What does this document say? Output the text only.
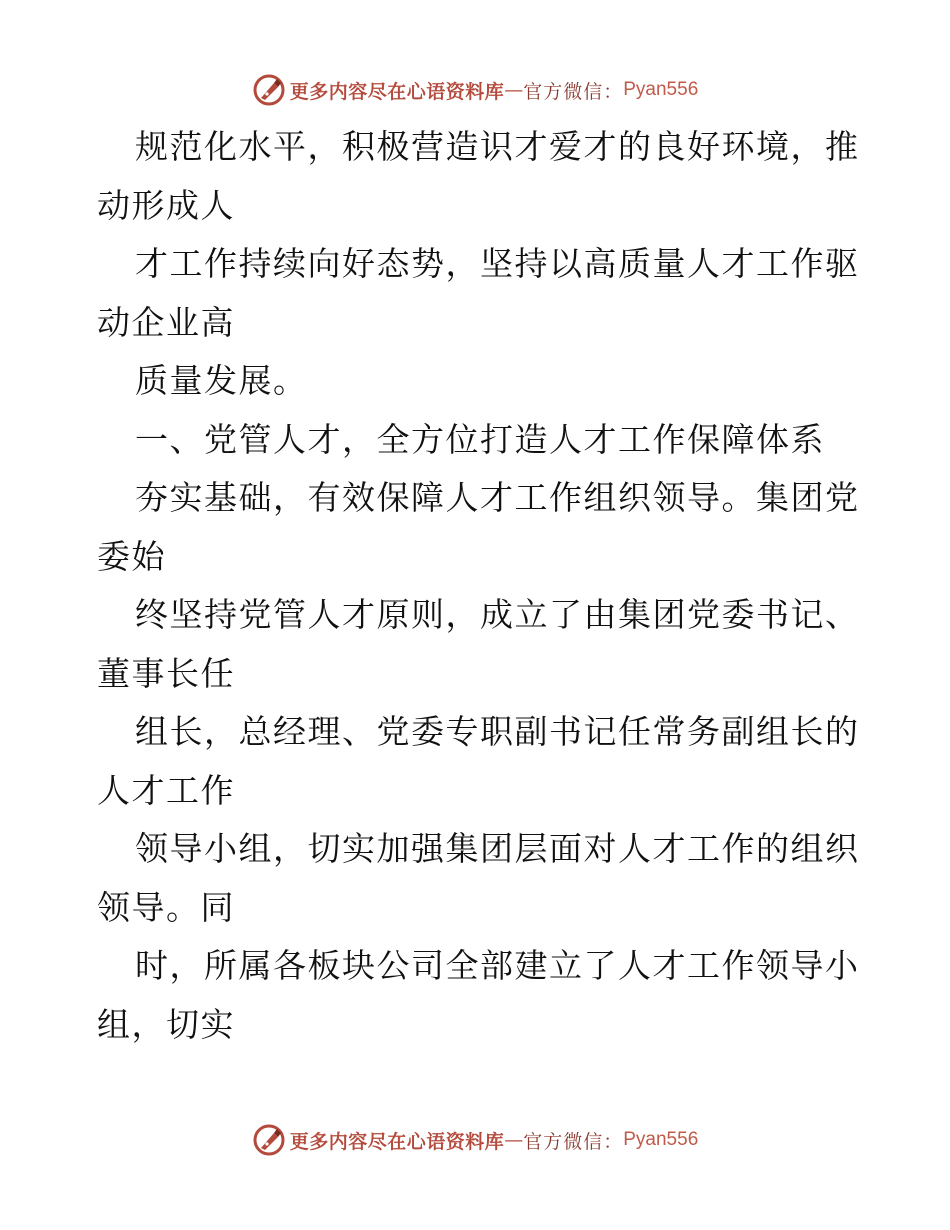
更多内容尽在心语资料库 — 官方微信： Pyan556
规范化水平，积极营造识才爱才的良好环境，推
动形成人
才工作持续向好态势，坚持以高质量人才工作驱
动企业高
质量发展。
一、党管人才，全方位打造人才工作保障体系
夯实基础，有效保障人才工作组织领导。集团党
委始
终坚持党管人才原则，成立了由集团党委书记、
董事长任
组长，总经理、党委专职副书记任常务副组长的
人才工作
领导小组，切实加强集团层面对人才工作的组织
领导。同
时，所属各板块公司全部建立了人才工作领导小
组，切实
更多内容尽在心语资料库 — 官方微信： Pyan556
